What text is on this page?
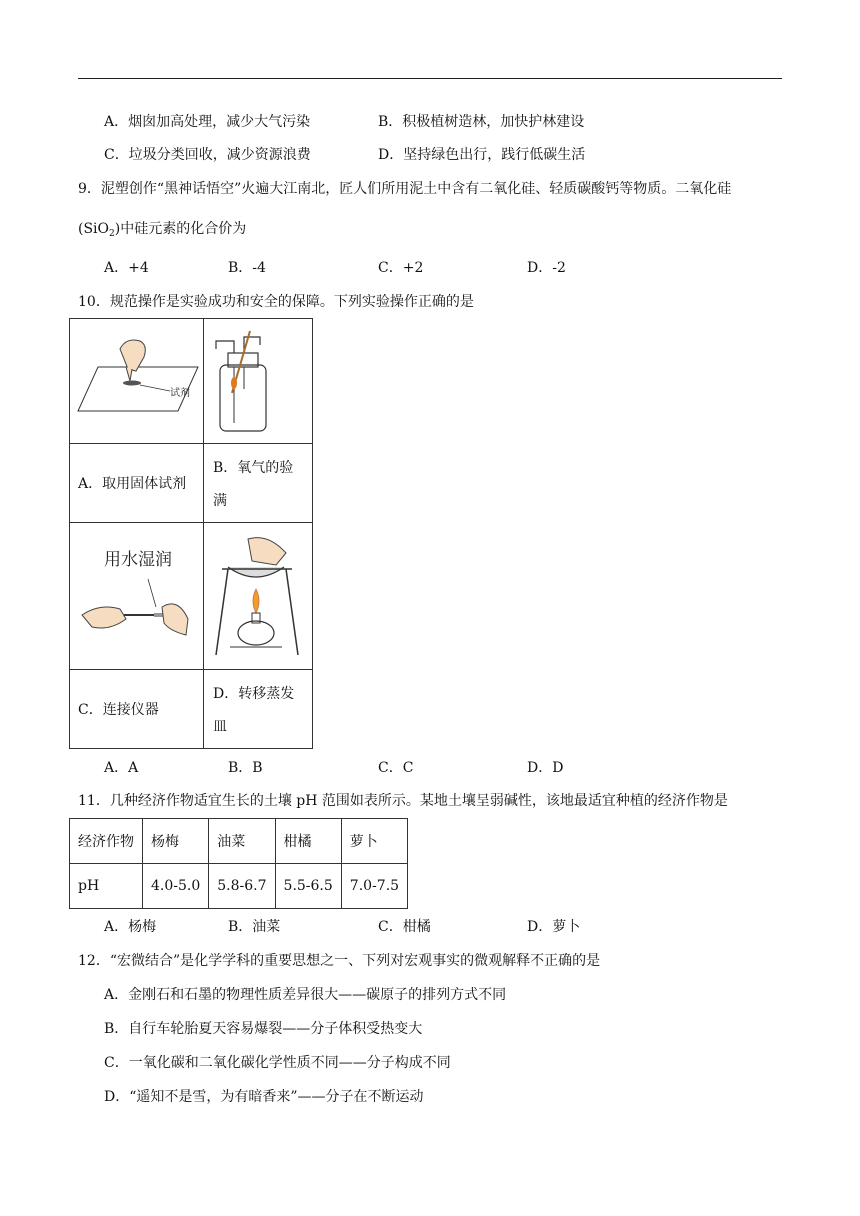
A．烟囱加高处理，减少大气污染	B．积极植树造林，加快护林建设
C．垃圾分类回收，减少资源浪费	D．坚持绿色出行，践行低碳生活
9．泥塑创作“黑神话悟空”火遍大江南北，匠人们所用泥土中含有二氧化硅、轻质碳酸钙等物质。二氧化硅
(SiO$_2$)中硅元素的化合价为
A．+4	B．-4	C．+2	D．-2
10．规范操作是实验成功和安全的保障。下列实验操作正确的是
试剂

A．取用固体试剂	B．氧气的验
满

用水湿润

C．连接仪器	D．转移蒸发
皿
A．A	B．B	C．C	D．D
11．几种经济作物适宜生长的土壤 pH 范围如表所示。某地土壤呈弱碱性，该地最适宜种植的经济作物是
经济作物	杨梅	油菜	柑橘	萝卜
pH	4.0-5.0	5.8-6.7	5.5-6.5	7.0-7.5
A．杨梅	B．油菜	C．柑橘	D．萝卜
12．“宏微结合”是化学学科的重要思想之一、下列对宏观事实的微观解释不正确的是
A．金刚石和石墨的物理性质差异很大——碳原子的排列方式不同
B．自行车轮胎夏天容易爆裂——分子体积受热变大
C．一氧化碳和二氧化碳化学性质不同——分子构成不同
D．“遥知不是雪，为有暗香来”——分子在不断运动
